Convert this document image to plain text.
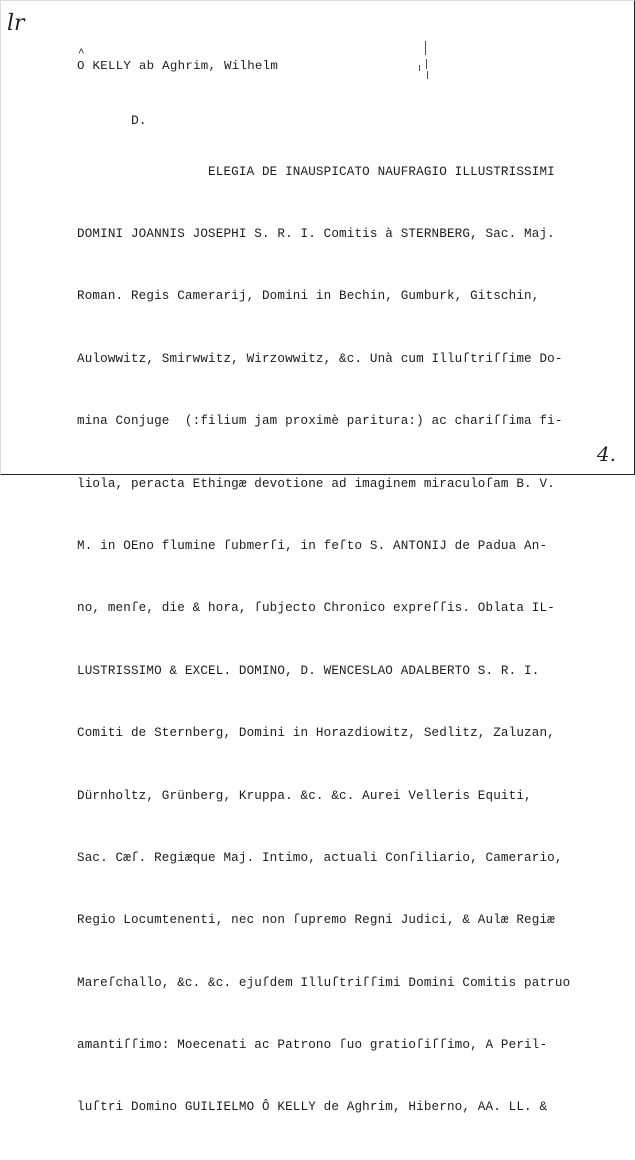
lr
^ O KELLY ab Aghrim, Wilhelm
D.

ELEGIA DE INAUSPICATO NAUFRAGIO ILLUSTRISSIMI

DOMINI JOANNIS JOSEPHI S. R. I. Comitis à STERNBERG, Sac. Maj.

Roman. Regis Camerarij, Domini in Bechin, Gumburk, Gitschin,

Aulowwitz, Smirwwitz, Wirzowwitz, &c. Unà cum Illuſtriſſime Do-

mina Conjuge  (:filium jam proximè paritura:) ac chariſſima fi-

liola, peracta Ethingæ devotione ad imaginem miraculoſam B. V.

M. in OEno flumine ſubmerſi, in feſto S. ANTONIJ de Padua An-

no, menſe, die & hora, ſubjecto Chronico expreſſis. Oblata IL-

LUSTRISSIMO & EXCEL. DOMINO, D. WENCESLAO ADALBERTO S. R. I.

Comiti de Sternberg, Domini in Horazdiowitz, Sedlitz, Zaluzan,

Dürnholtz, Grünberg, Kruppa. &c. &c. Aurei Velleris Equiti,

Sac. Cæſ. Regiæque Maj. Intimo, actuali Conſiliario, Camerario,

Regio Locumtenenti, nec non ſupremo Regni Judici, & Aulæ Regiæ

Mareſchallo, &c. &c. ejuſdem Illuſtriſſimi Domini Comitis patruo

amantiſſimo: Moecenati ac Patrono ſuo gratioſiſſimo, A Peril-

luſtri Domino GUILIELMO Ô KELLY de Aghrim, Hiberno, AA. LL. &

4.
